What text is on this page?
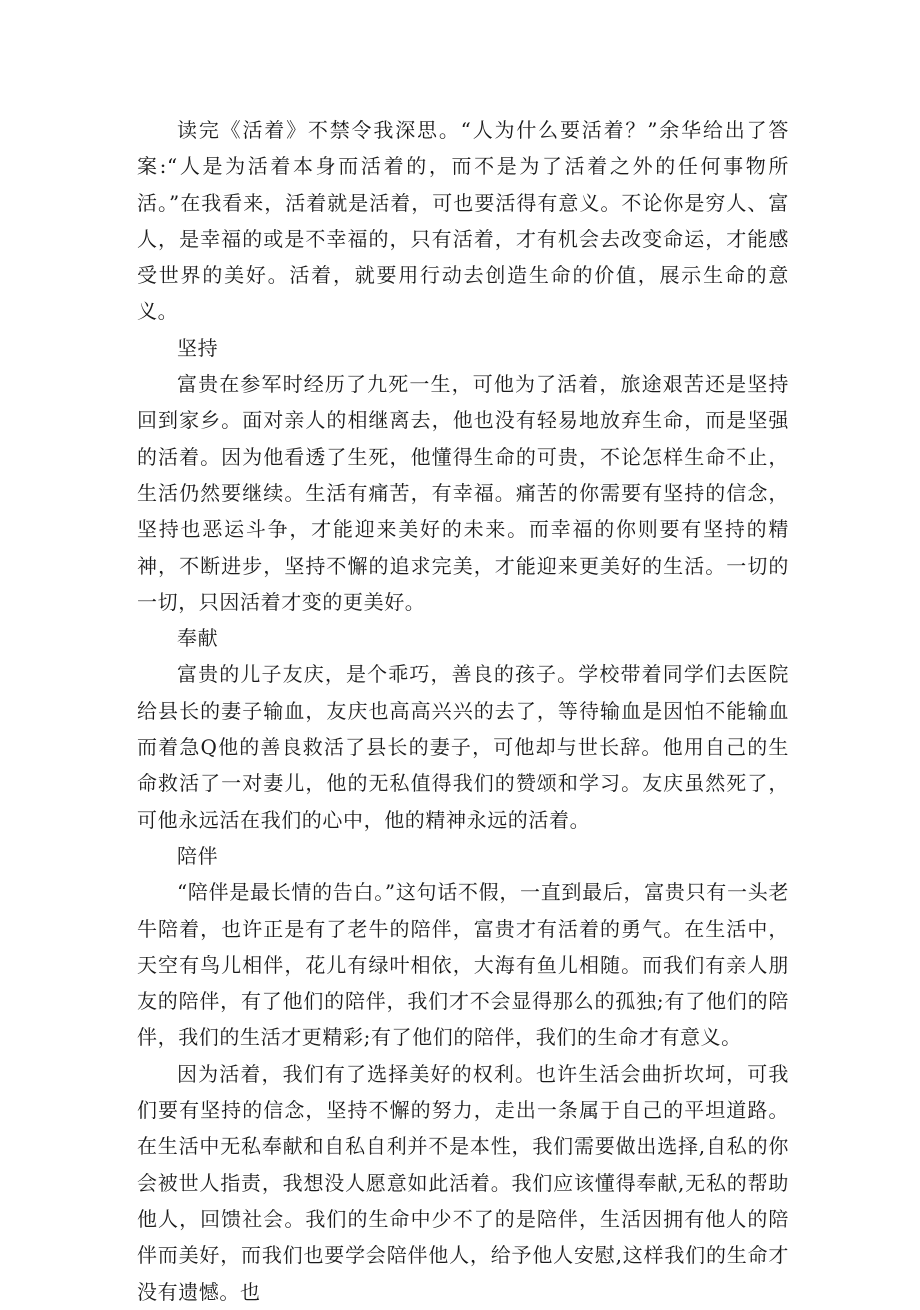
读完《活着》不禁令我深思。“人为什么要活着？”余华给出了答案:“人是为活着本身而活着的，而不是为了活着之外的任何事物所活。”在我看来，活着就是活着，可也要活得有意义。不论你是穷人、富人，是幸福的或是不幸福的，只有活着，才有机会去改变命运，才能感受世界的美好。活着，就要用行动去创造生命的价值，展示生命的意义。

坚持

富贵在参军时经历了九死一生，可他为了活着，旅途艰苦还是坚持回到家乡。面对亲人的相继离去，他也没有轻易地放弃生命，而是坚强的活着。因为他看透了生死，他懂得生命的可贵，不论怎样生命不止，生活仍然要继续。生活有痛苦，有幸福。痛苦的你需要有坚持的信念，坚持也恶运斗争，才能迎来美好的未来。而幸福的你则要有坚持的精神，不断进步，坚持不懈的追求完美，才能迎来更美好的生活。一切的一切，只因活着才变的更美好。

奉献

富贵的儿子友庆，是个乖巧，善良的孩子。学校带着同学们去医院给县长的妻子输血，友庆也高高兴兴的去了，等待输血是因怕不能输血而着急Q他的善良救活了县长的妻子，可他却与世长辞。他用自己的生命救活了一对妻儿，他的无私值得我们的赞颂和学习。友庆虽然死了，可他永远活在我们的心中，他的精神永远的活着。

陪伴

“陪伴是最长情的告白。”这句话不假，一直到最后，富贵只有一头老牛陪着，也许正是有了老牛的陪伴，富贵才有活着的勇气。在生活中，天空有鸟儿相伴，花儿有绿叶相依，大海有鱼儿相随。而我们有亲人朋友的陪伴，有了他们的陪伴，我们才不会显得那么的孤独;有了他们的陪伴，我们的生活才更精彩;有了他们的陪伴，我们的生命才有意义。

因为活着，我们有了选择美好的权利。也许生活会曲折坎坷，可我们要有坚持的信念，坚持不懈的努力，走出一条属于自己的平坦道路。在生活中无私奉献和自私自利并不是本性，我们需要做出选择,自私的你会被世人指责，我想没人愿意如此活着。我们应该懂得奉献,无私的帮助他人，回馈社会。我们的生命中少不了的是陪伴，生活因拥有他人的陪伴而美好，而我们也要学会陪伴他人，给予他人安慰,这样我们的生命才没有遗憾。也
